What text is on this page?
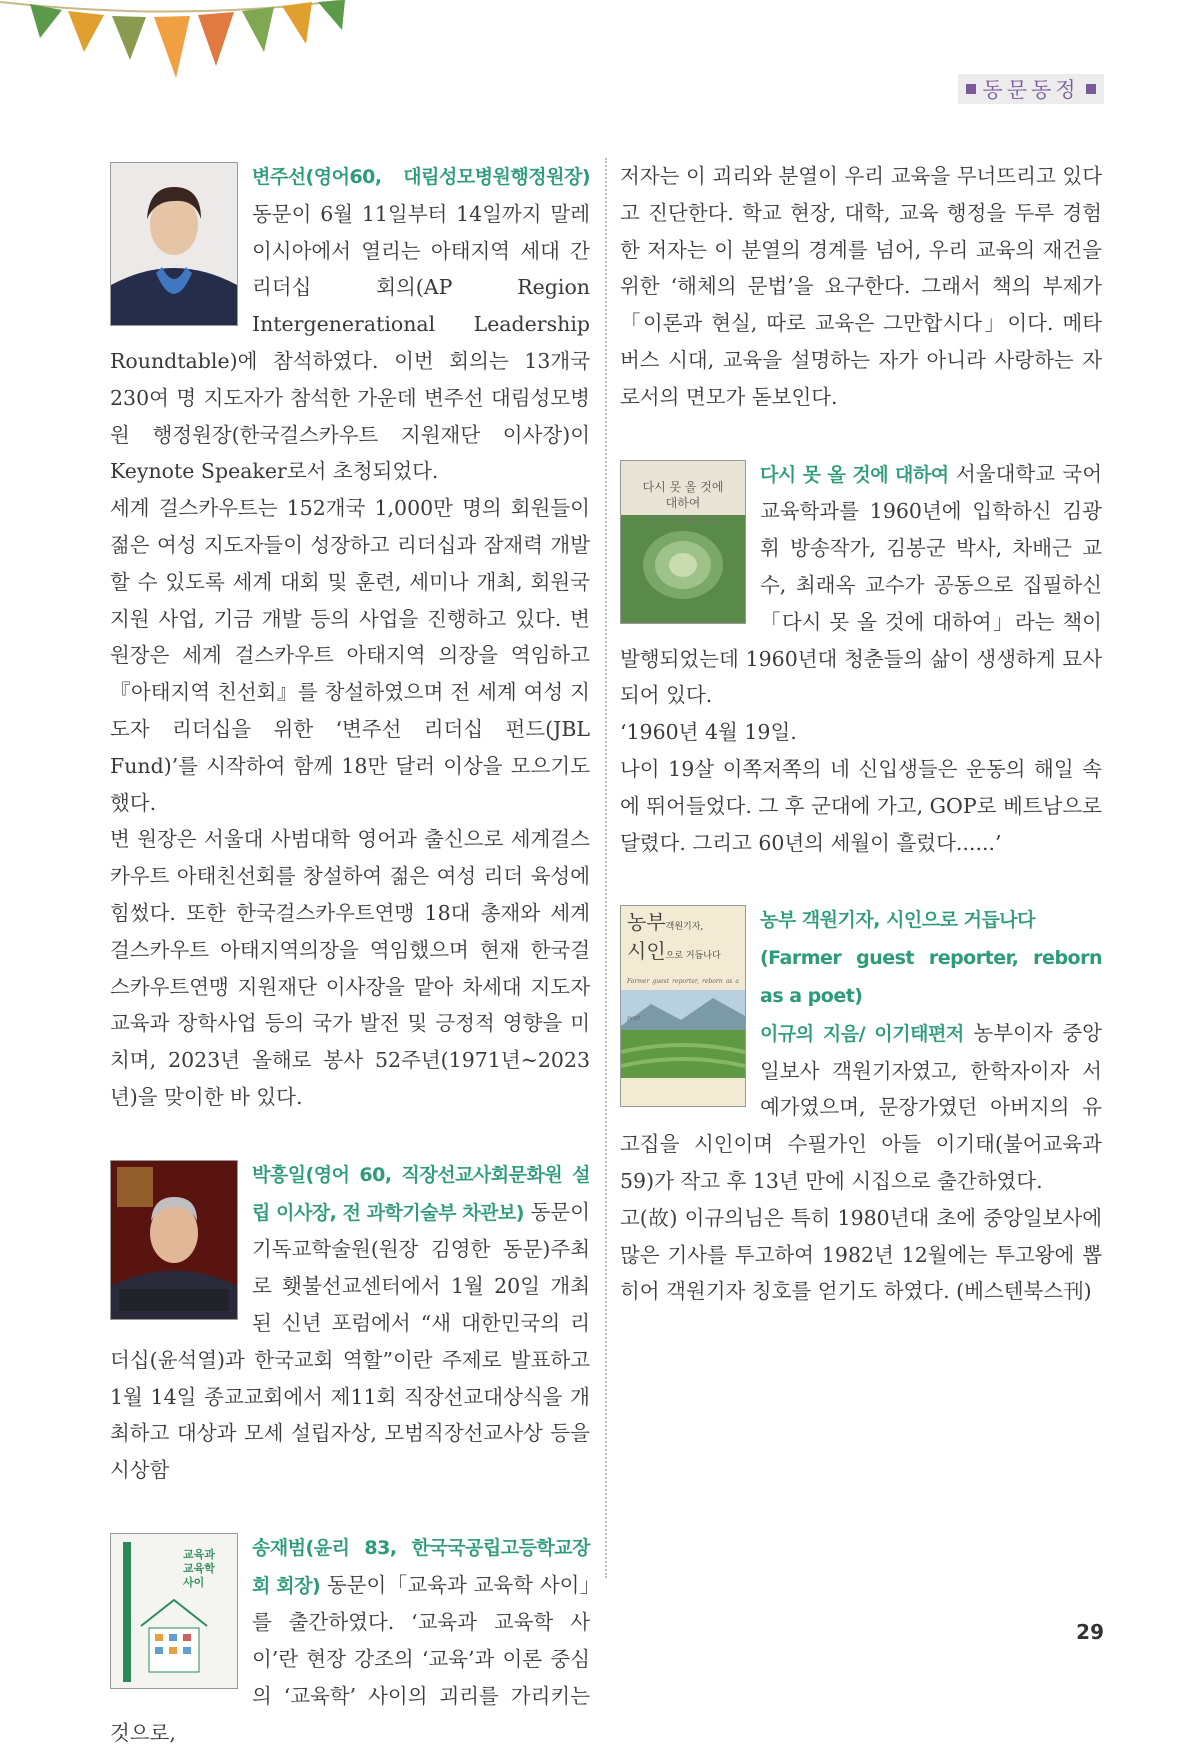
동문동정

변주선(영어60, 대림성모병원행정원장) 동문이 6월 11일부터 14일까지 말레이시아에서 열리는 아태지역 세대 간 리더십 회의(AP Region Intergenerational Leadership Roundtable)에 참석하였다. 이번 회의는 13개국 230여 명 지도자가 참석한 가운데 변주선 대림성모병원 행정원장(한국걸스카우트 지원재단 이사장)이 Keynote Speaker로서 초청되었다.

세계 걸스카우트는 152개국 1,000만 명의 회원들이 젊은 여성 지도자들이 성장하고 리더십과 잠재력 개발할 수 있도록 세계 대회 및 훈련, 세미나 개최, 회원국 지원 사업, 기금 개발 등의 사업을 진행하고 있다. 변 원장은 세계 걸스카우트 아태지역 의장을 역임하고『아태지역 친선회』를 창설하였으며 전 세계 여성 지도자 리더십을 위한 ‘변주선 리더십 펀드(JBL Fund)’를 시작하여 함께 18만 달러 이상을 모으기도 했다.

변 원장은 서울대 사범대학 영어과 출신으로 세계걸스카우트 아태친선회를 창설하여 젊은 여성 리더 육성에 힘썼다. 또한 한국걸스카우트연맹 18대 총재와 세계걸스카우트 아태지역의장을 역임했으며 현재 한국걸스카우트연맹 지원재단 이사장을 맡아 차세대 지도자 교육과 장학사업 등의 국가 발전 및 긍정적 영향을 미치며, 2023년 올해로 봉사 52주년(1971년~2023년)을 맞이한 바 있다.

박흥일(영어 60, 직장선교사회문화원 설립 이사장, 전 과학기술부 차관보) 동문이 기독교학술원(원장 김영한 동문)주최로 횃불선교센터에서 1월 20일 개최된 신년 포럼에서 “새 대한민국의 리더십(윤석열)과 한국교회 역할”이란 주제로 발표하고 1월 14일 종교교회에서 제11회 직장선교대상식을 개최하고 대상과 모세 설립자상, 모범직장선교사상 등을 시상함

교육과 교육학 사이

송재범(윤리 83, 한국국공립고등학교장회 회장) 동문이「교육과 교육학 사이」를 출간하였다. ‘교육과 교육학 사이’란 현장 강조의 ‘교육’과 이론 중심의 ‘교육학’ 사이의 괴리를 가리키는 것으로,

저자는 이 괴리와 분열이 우리 교육을 무너뜨리고 있다고 진단한다. 학교 현장, 대학, 교육 행정을 두루 경험한 저자는 이 분열의 경계를 넘어, 우리 교육의 재건을 위한 ‘해체의 문법’을 요구한다. 그래서 책의 부제가「이론과 현실, 따로 교육은 그만합시다」이다. 메타버스 시대, 교육을 설명하는 자가 아니라 사랑하는 자로서의 면모가 돋보인다.

다시 못 올 것에
대하여
김광휘 김봉군 차배근 최래옥

다시 못 올 것에 대하여 서울대학교 국어교육학과를 1960년에 입학하신 김광휘 방송작가, 김봉군 박사, 차배근 교수, 최래옥 교수가 공동으로 집필하신「다시 못 올 것에 대하여」라는 책이 발행되었는데 1960년대 청춘들의 삶이 생생하게 묘사되어 있다.

‘1960년 4월 19일.

나이 19살 이쪽저쪽의 네 신입생들은 운동의 해일 속에 뛰어들었다. 그 후 군대에 가고, GOP로 베트남으로 달렸다. 그리고 60년의 세월이 흘렀다......’

농부객원기자,
시인으로 거듭나다
Farmer guest reporter, reborn as a poet

농부 객원기자, 시인으로 거듭나다

(Farmer guest reporter, reborn as a poet)

이규의 지음/ 이기태편저 농부이자 중앙일보사 객원기자였고, 한학자이자 서예가였으며, 문장가였던 아버지의 유고집을 시인이며 수필가인 아들 이기태(불어교육과 59)가 작고 후 13년 만에 시집으로 출간하였다.

고(故) 이규의님은 특히 1980년대 초에 중앙일보사에 많은 기사를 투고하여 1982년 12월에는 투고왕에 뽑히어 객원기자 칭호를 얻기도 하였다. (베스텐북스刊)

29
